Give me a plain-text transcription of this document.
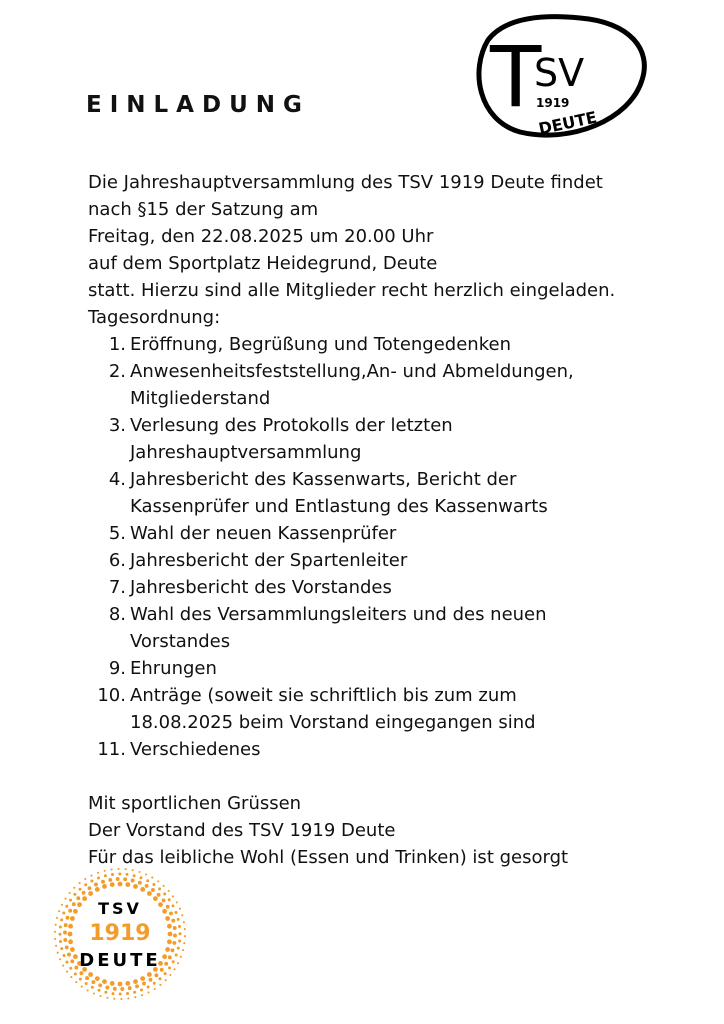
T
SV
1919
DEUTE
EINLADUNG
Die Jahreshauptversammlung des TSV 1919 Deute findet
nach §15 der Satzung am
Freitag, den 22.08.2025 um 20.00 Uhr
auf dem Sportplatz Heidegrund, Deute
statt. Hierzu sind alle Mitglieder recht herzlich eingeladen.
Tagesordnung:
1. Eröffnung, Begrüßung und Totengedenken
2. Anwesenheitsfeststellung,An- und Abmeldungen,
Mitgliederstand
3. Verlesung des Protokolls der letzten
Jahreshauptversammlung
4. Jahresbericht des Kassenwarts, Bericht der
Kassenprüfer und Entlastung des Kassenwarts
5. Wahl der neuen Kassenprüfer
6. Jahresbericht der Spartenleiter
7. Jahresbericht des Vorstandes
8. Wahl des Versammlungsleiters und des neuen
Vorstandes
9. Ehrungen
10. Anträge (soweit sie schriftlich bis zum zum
18.08.2025 beim Vorstand eingegangen sind
11. Verschiedenes
Mit sportlichen Grüssen
Der Vorstand des TSV 1919 Deute
Für das leibliche Wohl (Essen und Trinken) ist gesorgt
TSV
1919
DEUTE
